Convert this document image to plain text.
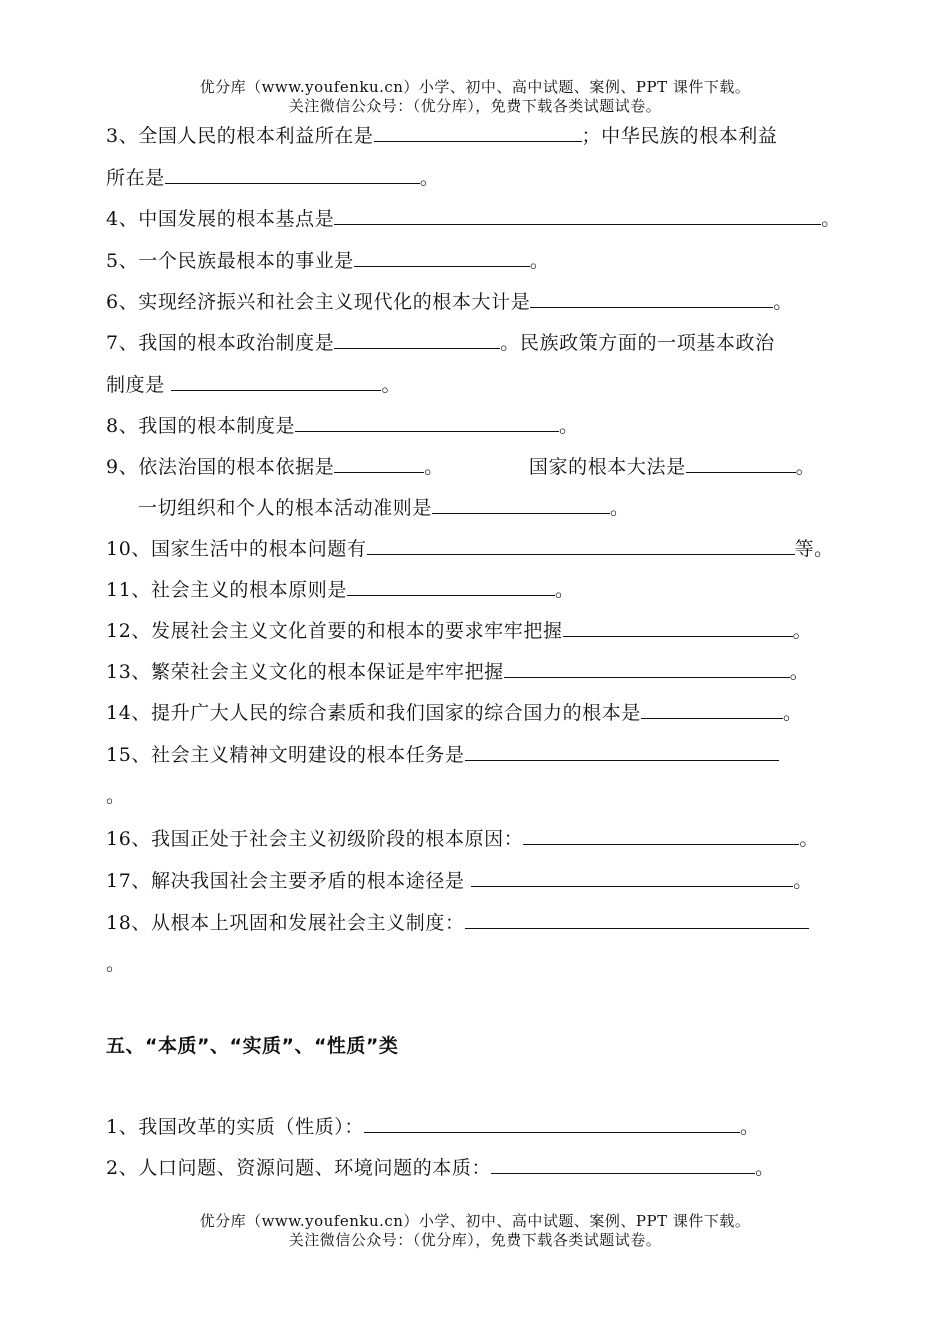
优分库（www.youfenku.cn）小学、初中、高中试题、案例、PPT 课件下载。
关注微信公众号：（优分库），免费下载各类试题试卷。
3、全国人民的根本利益所在是	；中华民族的根本利益
所在是	。
4、中国发展的根本基点是	。
5、一个民族最根本的事业是	。
6、实现经济振兴和社会主义现代化的根本大计是	。
7、我国的根本政治制度是	。民族政策方面的一项基本政治
制度是	。
8、我国的根本制度是	。
9、依法治国的根本依据是	。	国家的根本大法是	。
一切组织和个人的根本活动准则是	。
10、国家生活中的根本问题有	等。
11、社会主义的根本原则是	。
12、发展社会主义文化首要的和根本的要求牢牢把握	。
13、繁荣社会主义文化的根本保证是牢牢把握	。
14、提升广大人民的综合素质和我们国家的综合国力的根本是	。
15、社会主义精神文明建设的根本任务是
。
16、我国正处于社会主义初级阶段的根本原因：	。
17、解决我国社会主要矛盾的根本途径是	。
18、从根本上巩固和发展社会主义制度：
。
五、“本质”、“实质”、“性质”类
1、我国改革的实质（性质）：	。
2、人口问题、资源问题、环境问题的本质：	。
优分库（www.youfenku.cn）小学、初中、高中试题、案例、PPT 课件下载。
关注微信公众号：（优分库），免费下载各类试题试卷。
